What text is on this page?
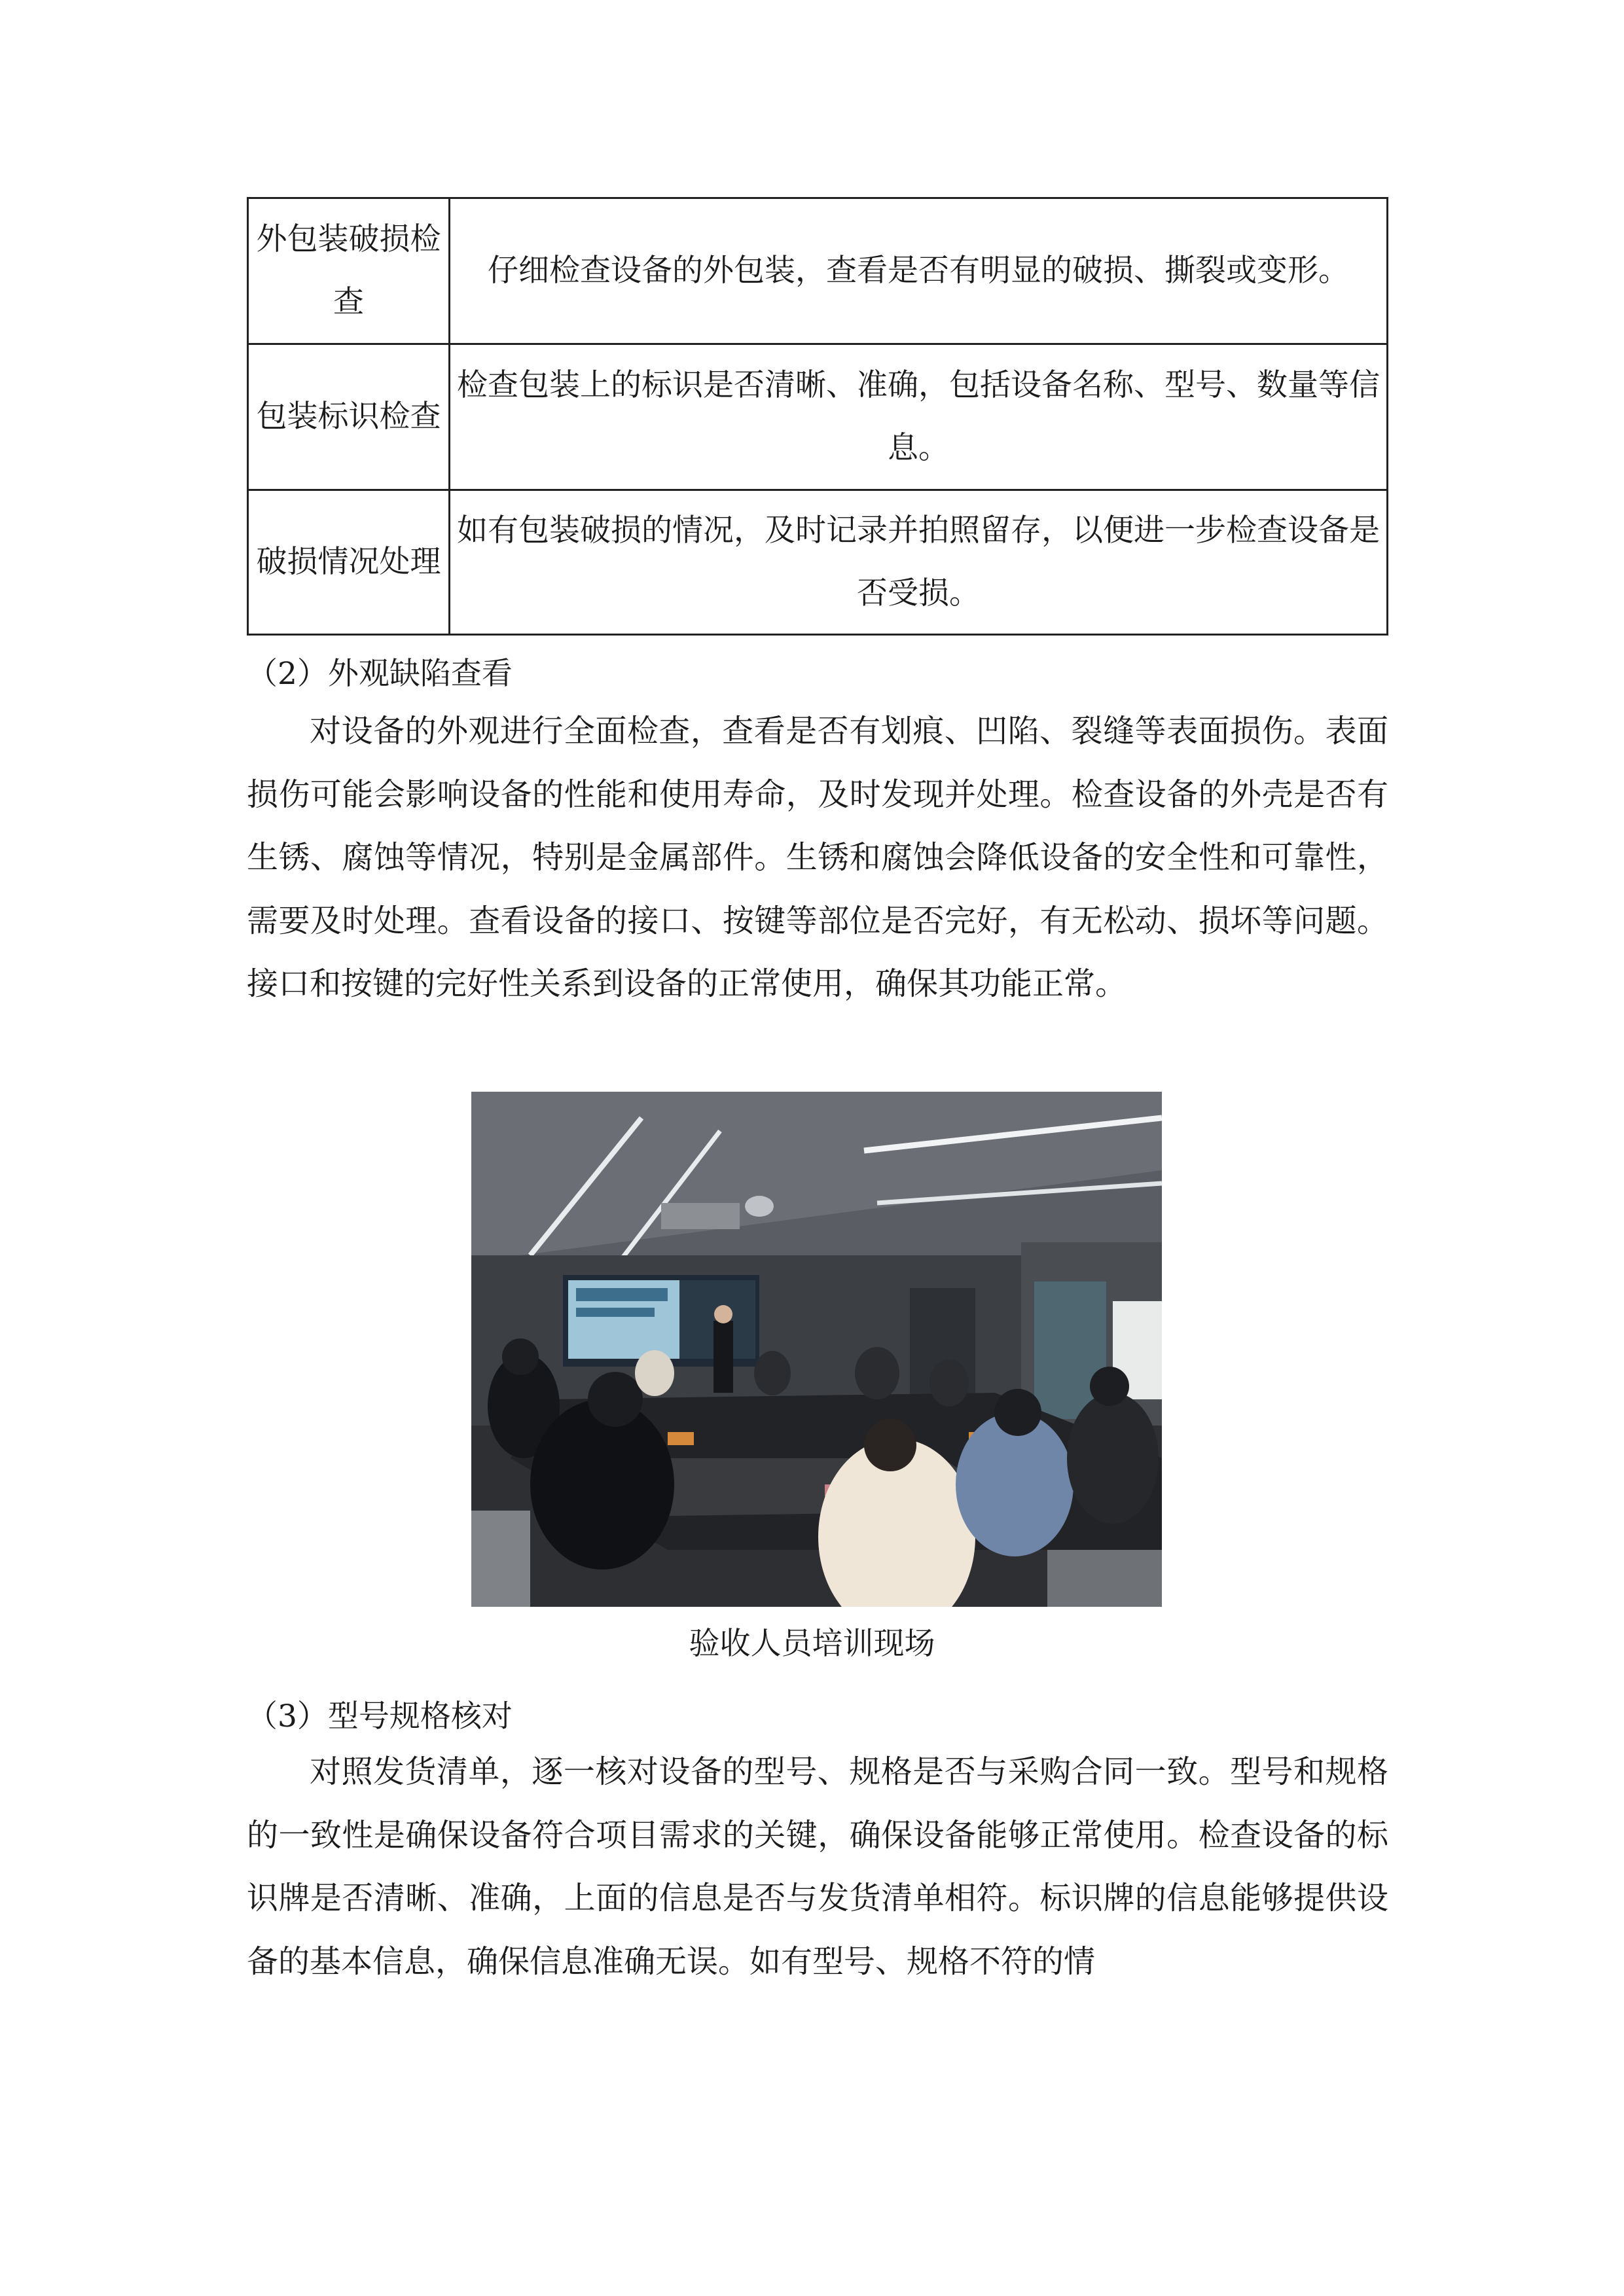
外包装破损检查	仔细检查设备的外包装，查看是否有明显的破损、撕裂或变形。
包装标识检查	检查包装上的标识是否清晰、准确，包括设备名称、型号、数量等信息。
破损情况处理	如有包装破损的情况，及时记录并拍照留存，以便进一步检查设备是否受损。
（2）外观缺陷查看

对设备的外观进行全面检查，查看是否有划痕、凹陷、裂缝等表面损伤。表面损伤可能会影响设备的性能和使用寿命，及时发现并处理。检查设备的外壳是否有生锈、腐蚀等情况，特别是金属部件。生锈和腐蚀会降低设备的安全性和可靠性，需要及时处理。查看设备的接口、按键等部位是否完好，有无松动、损坏等问题。接口和按键的完好性关系到设备的正常使用，确保其功能正常。

验收人员培训现场
（3）型号规格核对

对照发货清单，逐一核对设备的型号、规格是否与采购合同一致。型号和规格的一致性是确保设备符合项目需求的关键，确保设备能够正常使用。检查设备的标识牌是否清晰、准确，上面的信息是否与发货清单相符。标识牌的信息能够提供设备的基本信息，确保信息准确无误。如有型号、规格不符的情
